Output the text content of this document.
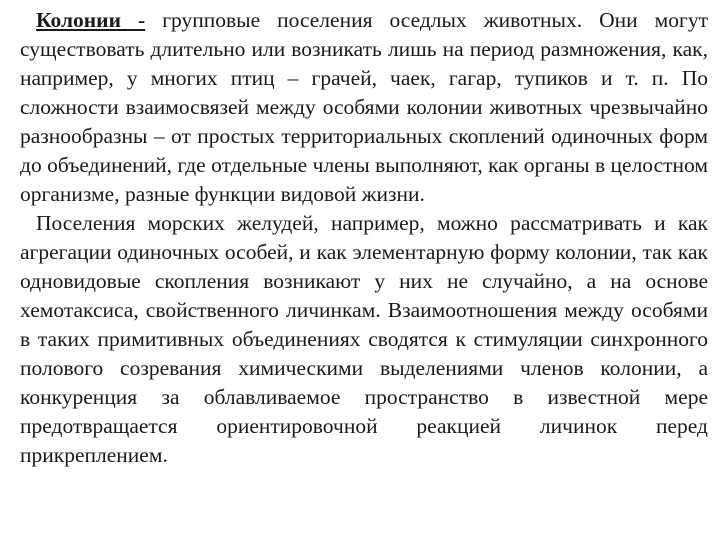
Колонии - групповые поселения оседлых животных. Они могут существовать длительно или возникать лишь на период размножения, как, например, у многих птиц – грачей, чаек, гагар, тупиков и т. п. По сложности взаимосвязей между особями колонии животных чрезвычайно разнообразны – от простых территориальных скоплений одиночных форм до объединений, где отдельные члены выполняют, как органы в целостном организме, разные функции видовой жизни.

Поселения морских желудей, например, можно рассматривать и как агрегации одиночных особей, и как элементарную форму колонии, так как одновидовые скопления возникают у них не случайно, а на основе хемотаксиса, свойственного личинкам. Взаимоотношения между особями в таких примитивных объединениях сводятся к стимуляции синхронного полового созревания химическими выделениями членов колонии, а конкуренция за облавливаемое пространство в известной мере предотвращается ориентировочной реакцией личинок перед прикреплением.
